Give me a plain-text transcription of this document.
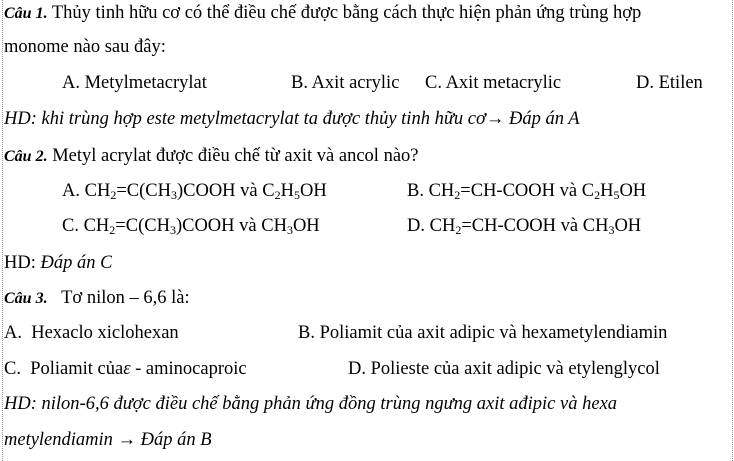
Câu 1. Thủy tinh hữu cơ có thể điều chế được bằng cách thực hiện phản ứng trùng hợp
monome nào sau đây:
A. Metylmetacrylat	B. Axit acrylic C. Axit metacrylic	D. Etilen
HD: khi trùng hợp este metylmetacrylat ta được thủy tinh hữu cơ→ Đáp án A
Câu 2. Metyl acrylat được điều chế từ axit và ancol nào?
A. $CH_2=C(CH_3)COOH$ và $C_2H_5OH$	B. $CH_2=CH$-COOH và $C_2H_5OH$
C. $CH_2=C(CH_3)COOH$ và $CH_3OH$	D. $CH_2=CH$-COOH và $CH_3OH$
HD: Đáp án C
Câu 3.   Tơ nilon – 6,6 là:
A.  Hexaclo xiclohexan	B. Poliamit của axit adipic và hexametylendiamin
C.  Poliamit củaε - aminocaproic	D. Polieste của axit adipic và etylenglycol
HD: nilon-6,6 được điều chế bằng phản ứng đồng trùng ngưng axit ađipic và hexa
metylendiamin → Đáp án B
